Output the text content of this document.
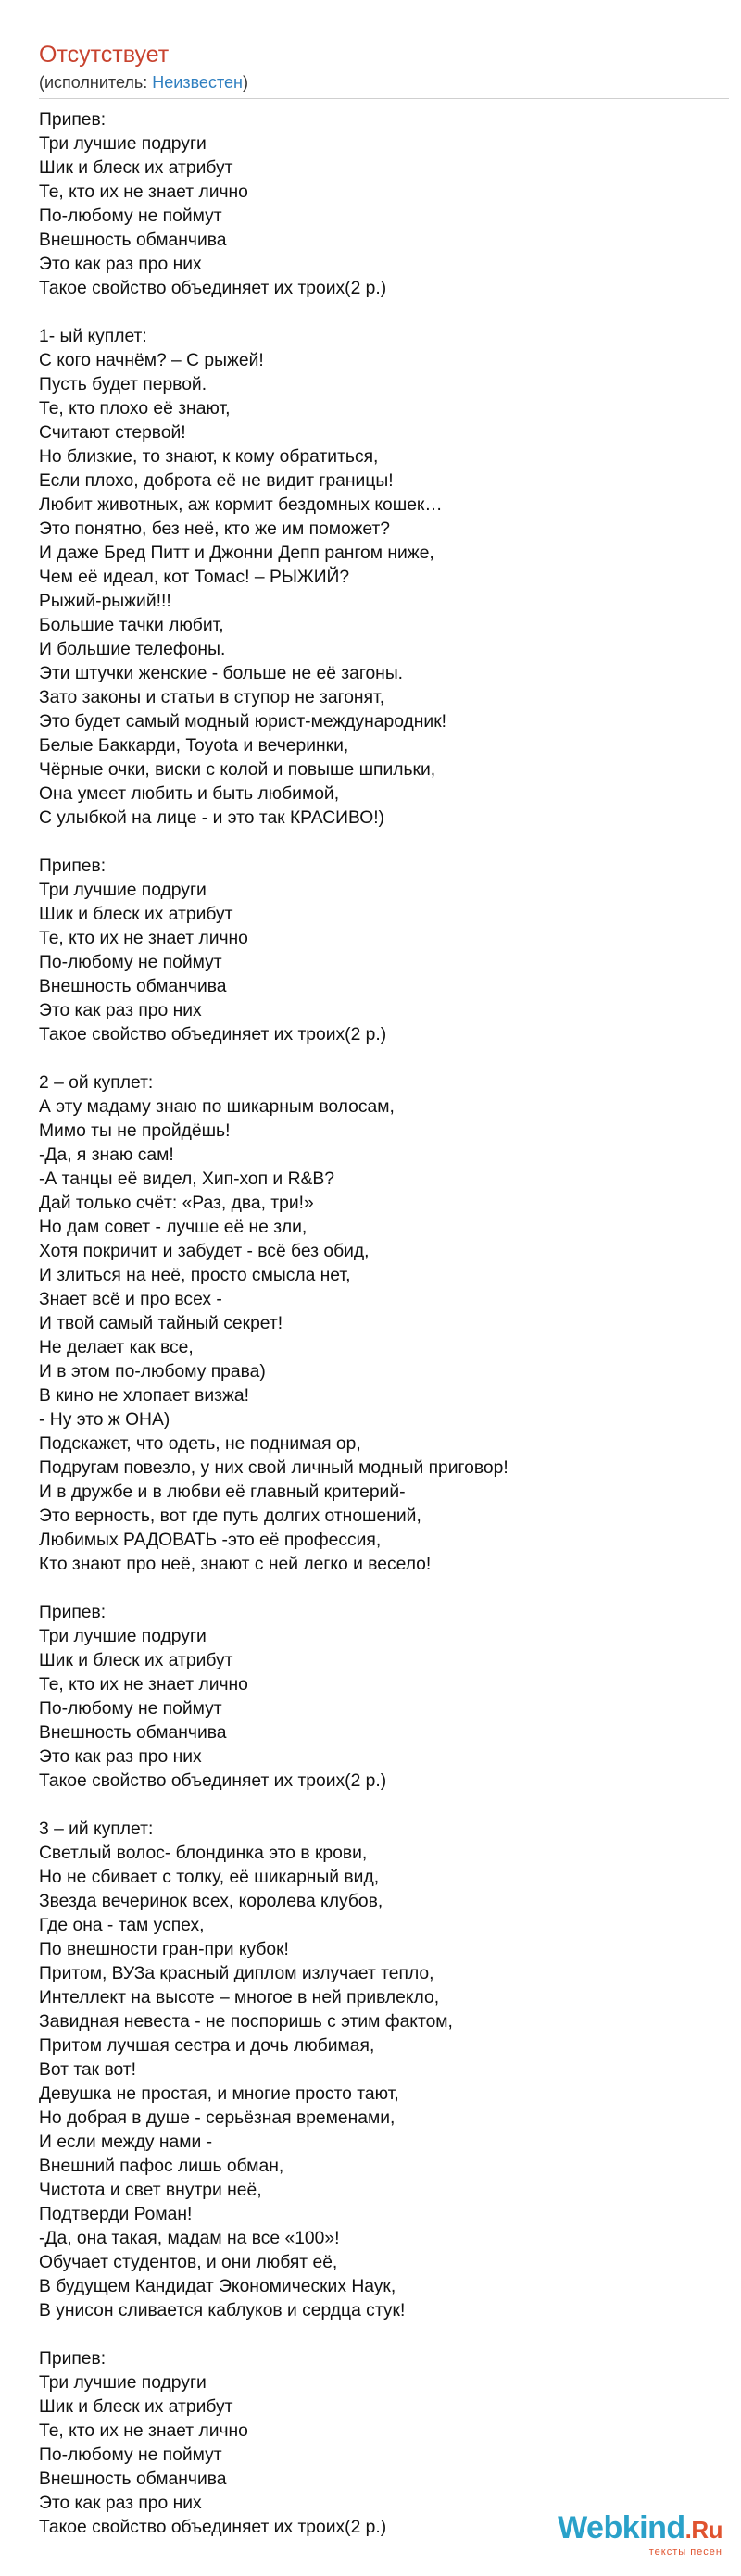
Отсутствует
(исполнитель: Неизвестен)
Припев:
Три лучшие подруги
Шик и блеск их атрибут
Те, кто их не знает лично
По-любому не поймут
Внешность обманчива
Это как раз про них
Такое свойство объединяет их троих(2 р.)
1- ый куплет:
С кого начнём? – С рыжей!
Пусть будет первой.
Те, кто плохо её знают,
Считают стервой!
Но близкие, то знают, к кому обратиться,
Если плохо, доброта её не видит границы!
Любит животных, аж кормит бездомных кошек…
Это понятно, без неё, кто же им поможет?
И даже Бред Питт и Джонни Депп рангом ниже,
Чем её идеал, кот Томас! – РЫЖИЙ?
Рыжий-рыжий!!!
Большие тачки любит,
И большие телефоны.
Эти штучки женские - больше не её загоны.
Зато законы и статьи в ступор не загонят,
Это будет самый модный юрист-международник!
Белые Баккарди, Toyota и вечеринки,
Чёрные очки, виски с колой и повыше шпильки,
Она умеет любить и быть любимой,
С улыбкой на лице - и это так КРАСИВО!)
Припев:
Три лучшие подруги
Шик и блеск их атрибут
Те, кто их не знает лично
По-любому не поймут
Внешность обманчива
Это как раз про них
Такое свойство объединяет их троих(2 р.)
2 – ой куплет:
А эту мадаму знаю по шикарным волосам,
Мимо ты не пройдёшь!
-Да, я знаю сам!
-А танцы её видел, Хип-хоп и R&B?
Дай только счёт: «Раз, два, три!»
Но дам совет - лучше её не зли,
Хотя покричит и забудет - всё без обид,
И злиться на неё, просто смысла нет,
Знает всё и про всех -
И твой самый тайный секрет!
Не делает как все,
И в этом по-любому права)
В кино не хлопает визжа!
- Ну это ж ОНА)
Подскажет, что одеть, не поднимая ор,
Подругам повезло, у них свой личный модный приговор!
И в дружбе и в любви её главный критерий-
Это верность, вот где путь долгих отношений,
Любимых РАДОВАТЬ -это её профессия,
Кто знают про неё, знают с ней легко и весело!
Припев:
Три лучшие подруги
Шик и блеск их атрибут
Те, кто их не знает лично
По-любому не поймут
Внешность обманчива
Это как раз про них
Такое свойство объединяет их троих(2 р.)
3 – ий куплет:
Светлый волос- блондинка это в крови,
Но не сбивает с толку, её шикарный вид,
Звезда вечеринок всех, королева клубов,
Где она - там успех,
По внешности гран-при кубок!
Притом, ВУЗа красный диплом излучает тепло,
Интеллект на высоте – многое в ней привлекло,
Завидная невеста - не поспоришь с этим фактом,
Притом лучшая сестра и дочь любимая,
Вот так вот!
Девушка не простая, и многие просто тают,
Но добрая в душе - серьёзная временами,
И если между нами -
Внешний пафос лишь обман,
Чистота и свет внутри неё,
Подтверди Роман!
-Да, она такая, мадам на все «100»!
Обучает студентов, и они любят её,
В будущем Кандидат Экономических Наук,
В унисон сливается каблуков и сердца стук!
Припев:
Три лучшие подруги
Шик и блеск их атрибут
Те, кто их не знает лично
По-любому не поймут
Внешность обманчива
Это как раз про них
Такое свойство объединяет их троих(2 р.)	Webkind.Ru
тексты песен
